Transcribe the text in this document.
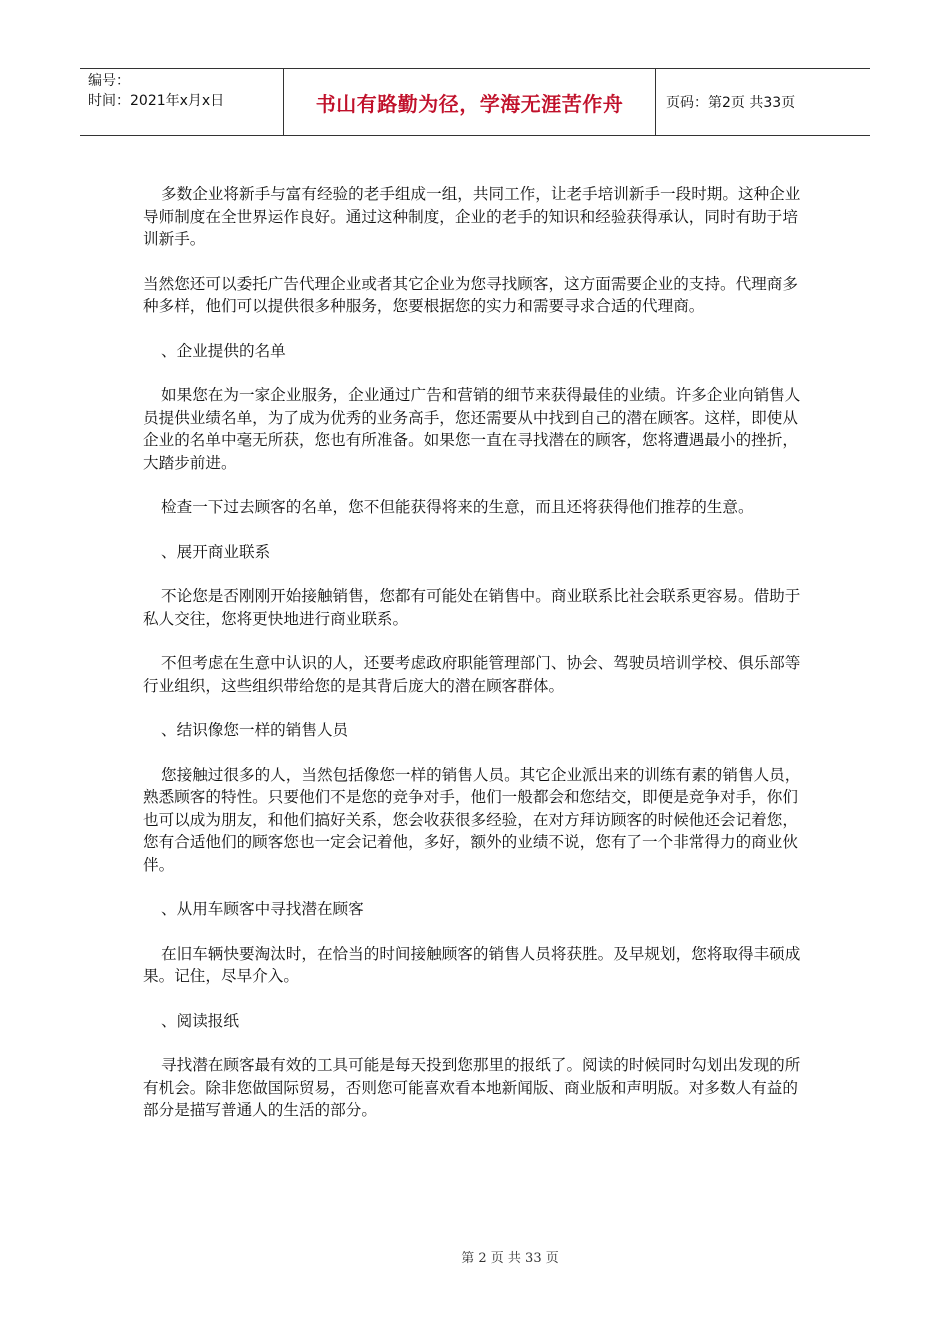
编号：
时间：2021年x月x日	书山有路勤为径，学海无涯苦作舟	页码：第2页 共33页

多数企业将新手与富有经验的老手组成一组，共同工作，让老手培训新手一段时期。这种企业导师制度在全世界运作良好。通过这种制度，企业的老手的知识和经验获得承认，同时有助于培训新手。

当然您还可以委托广告代理企业或者其它企业为您寻找顾客，这方面需要企业的支持。代理商多种多样，他们可以提供很多种服务，您要根据您的实力和需要寻求合适的代理商。

、企业提供的名单

如果您在为一家企业服务，企业通过广告和营销的细节来获得最佳的业绩。许多企业向销售人员提供业绩名单，为了成为优秀的业务高手，您还需要从中找到自己的潜在顾客。这样，即使从企业的名单中毫无所获，您也有所准备。如果您一直在寻找潜在的顾客，您将遭遇最小的挫折，大踏步前进。

检查一下过去顾客的名单，您不但能获得将来的生意，而且还将获得他们推荐的生意。

、展开商业联系

不论您是否刚刚开始接触销售，您都有可能处在销售中。商业联系比社会联系更容易。借助于私人交往，您将更快地进行商业联系。

不但考虑在生意中认识的人，还要考虑政府职能管理部门、协会、驾驶员培训学校、俱乐部等行业组织，这些组织带给您的是其背后庞大的潜在顾客群体。

、结识像您一样的销售人员

您接触过很多的人，当然包括像您一样的销售人员。其它企业派出来的训练有素的销售人员，熟悉顾客的特性。只要他们不是您的竞争对手，他们一般都会和您结交，即便是竞争对手，你们也可以成为朋友，和他们搞好关系，您会收获很多经验，在对方拜访顾客的时候他还会记着您，您有合适他们的顾客您也一定会记着他，多好，额外的业绩不说，您有了一个非常得力的商业伙伴。

、从用车顾客中寻找潜在顾客

在旧车辆快要淘汰时，在恰当的时间接触顾客的销售人员将获胜。及早规划，您将取得丰硕成果。记住，尽早介入。

、阅读报纸

寻找潜在顾客最有效的工具可能是每天投到您那里的报纸了。阅读的时候同时勾划出发现的所有机会。除非您做国际贸易，否则您可能喜欢看本地新闻版、商业版和声明版。对多数人有益的部分是描写普通人的生活的部分。

第 2 页 共 33 页
